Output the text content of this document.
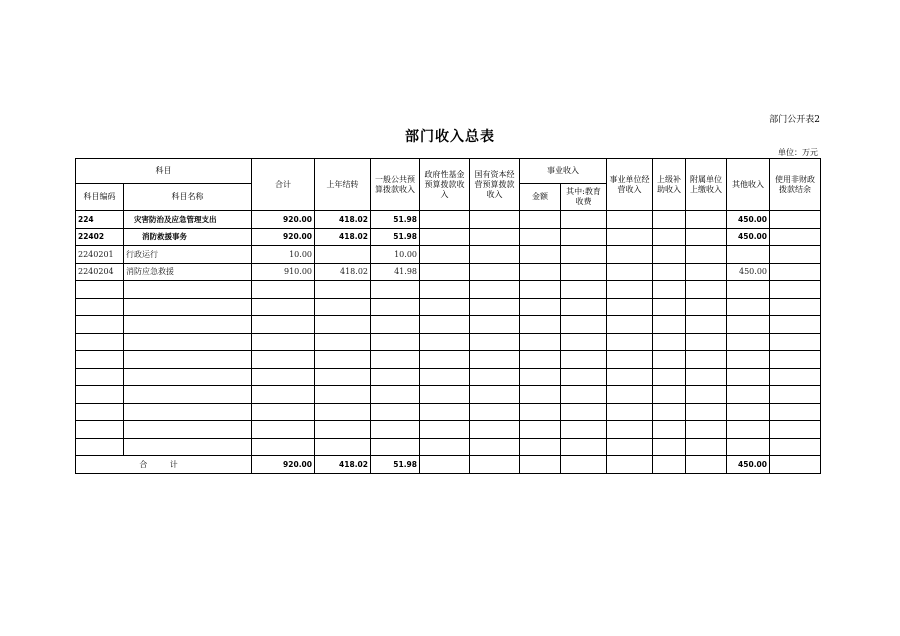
部门公开表2
部门收入总表
单位：万元
科目		合计	上年结转	一般公共预算拨款收入	政府性基金预算拨款收入	国有资本经营预算拨款收入	事业收入		事业单位经营收入	上级补助收入	附属单位上缴收入	其他收入	使用非财政拨款结余
科目编码	科目名称						金额	其中:教育收费					
224	灾害防治及应急管理支出	920.00	418.02	51.98								450.00	
22402	消防救援事务	920.00	418.02	51.98								450.00	
2240201	行政运行	10.00		10.00									
2240204	消防应急救援	910.00	418.02	41.98								450.00	

合 计		920.00	418.02	51.98								450.00	
